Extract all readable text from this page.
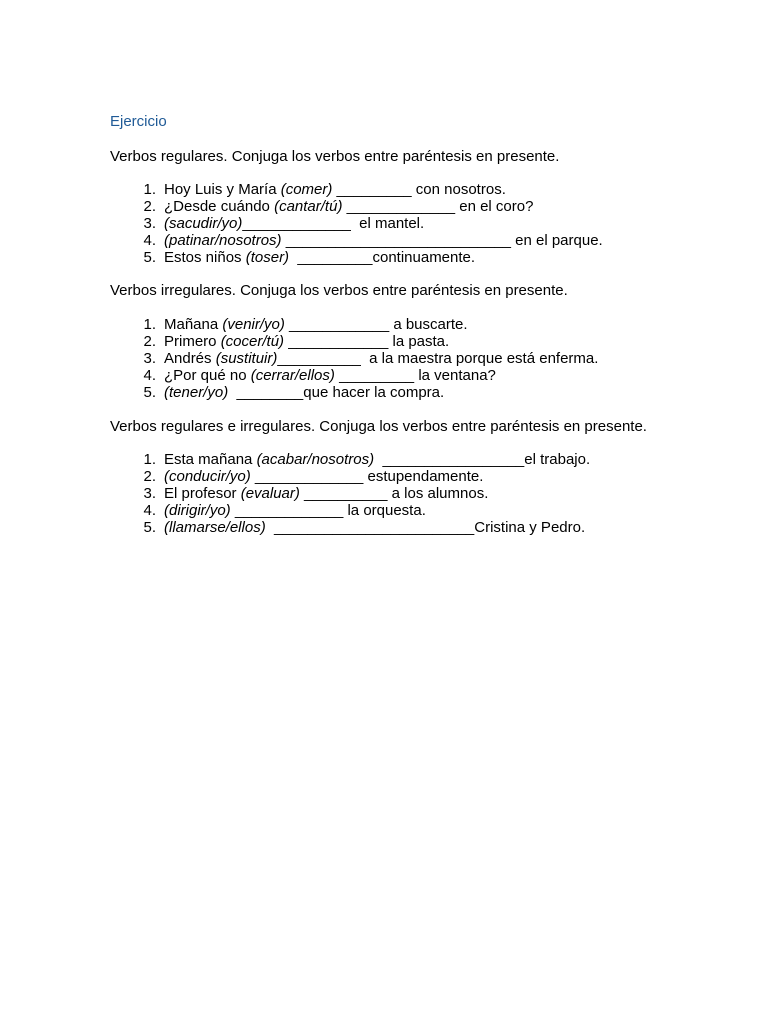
Ejercicio

Verbos regulares. Conjuga los verbos entre paréntesis en presente.

1. Hoy Luis y María (comer) _________ con nosotros.
2. ¿Desde cuándo (cantar/tú) _____________ en el coro?
3. (sacudir/yo)_____________  el mantel.
4. (patinar/nosotros) ___________________________ en el parque.
5. Estos niños (toser)  _________continuamente.

Verbos irregulares. Conjuga los verbos entre paréntesis en presente.

1. Mañana (venir/yo) ____________ a buscarte.
2. Primero (cocer/tú) ____________ la pasta.
3. Andrés (sustituir)__________  a la maestra porque está enferma.
4. ¿Por qué no (cerrar/ellos) _________ la ventana?
5. (tener/yo)  ________que hacer la compra.

Verbos regulares e irregulares. Conjuga los verbos entre paréntesis en presente.

1. Esta mañana (acabar/nosotros)  _________________el trabajo.
2. (conducir/yo) _____________ estupendamente.
3. El profesor (evaluar) __________ a los alumnos.
4. (dirigir/yo) _____________ la orquesta.
5. (llamarse/ellos)  ________________________Cristina y Pedro.
